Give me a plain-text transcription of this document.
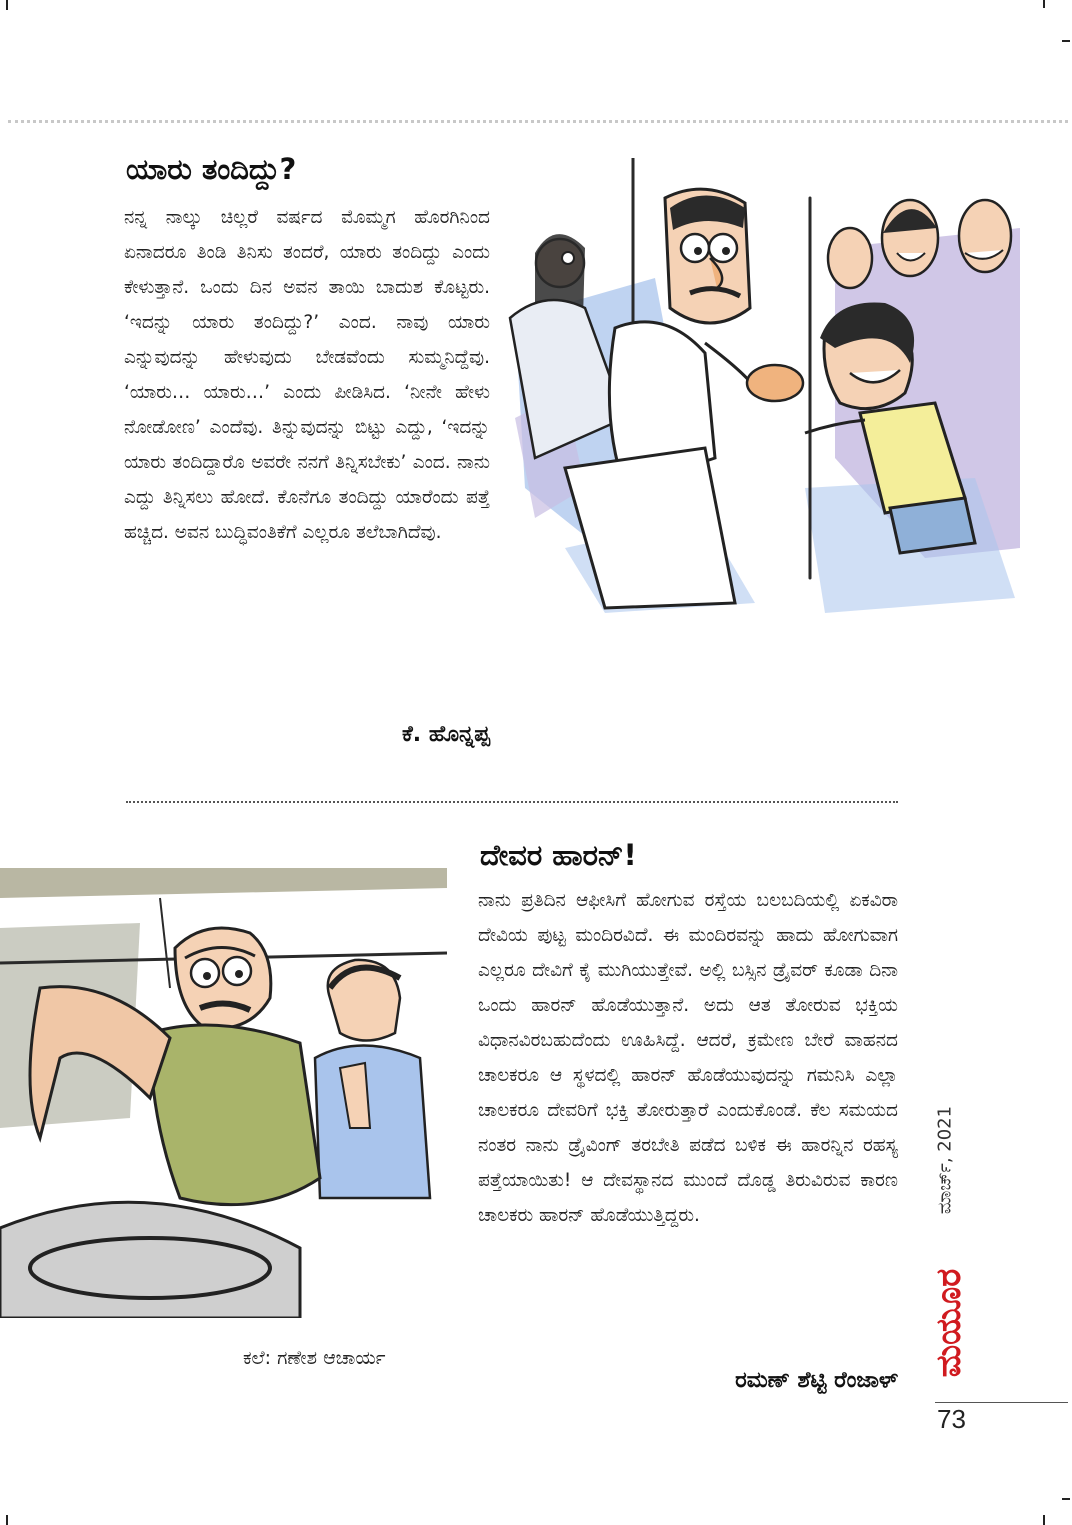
ಯಾರು ತಂದಿದ್ದು?
ನನ್ನ ನಾಲ್ಕು ಚಿಲ್ಲರೆ ವರ್ಷದ ಮೊಮ್ಮಗ ಹೊರಗಿನಿಂದ ಏನಾದರೂ ತಿಂಡಿ ತಿನಿಸು ತಂದರೆ, ಯಾರು ತಂದಿದ್ದು ಎಂದು ಕೇಳುತ್ತಾನೆ. ಒಂದು ದಿನ ಅವನ ತಾಯಿ ಬಾದುಶ ಕೊಟ್ಟರು. ‘ಇದನ್ನು ಯಾರು ತಂದಿದ್ದು?’ ಎಂದ. ನಾವು ಯಾರು ಎನ್ನುವುದನ್ನು ಹೇಳುವುದು ಬೇಡವೆಂದು ಸುಮ್ಮನಿದ್ದೆವು. ‘ಯಾರು… ಯಾರು…’ ಎಂದು ಪೀಡಿಸಿದ. ‘ನೀನೇ ಹೇಳು ನೋಡೋಣ’ ಎಂದೆವು. ತಿನ್ನುವುದನ್ನು ಬಿಟ್ಟು ಎದ್ದು, ‘ಇದನ್ನು ಯಾರು ತಂದಿದ್ದಾರೊ ಅವರೇ ನನಗೆ ತಿನ್ನಿಸಬೇಕು’ ಎಂದ. ನಾನು ಎದ್ದು ತಿನ್ನಿಸಲು ಹೋದೆ. ಕೊನೆಗೂ ತಂದಿದ್ದು ಯಾರೆಂದು ಪತ್ತೆ ಹಚ್ಚಿದ. ಅವನ ಬುದ್ಧಿವಂತಿಕೆಗೆ ಎಲ್ಲರೂ ತಲೆಬಾಗಿದೆವು.
ಕೆ. ಹೊನ್ನಪ್ಪ
ಕಲೆ: ಗಣೇಶ ಆಚಾರ್ಯ
ದೇವರ ಹಾರನ್!
ನಾನು ಪ್ರತಿದಿನ ಆಫೀಸಿಗೆ ಹೋಗುವ ರಸ್ತೆಯ ಬಲಬದಿಯಲ್ಲಿ ಏಕವಿರಾ ದೇವಿಯ ಪುಟ್ಟ ಮಂದಿರವಿದೆ. ಈ ಮಂದಿರವನ್ನು ಹಾದು ಹೋಗುವಾಗ ಎಲ್ಲರೂ ದೇವಿಗೆ ಕೈ ಮುಗಿಯುತ್ತೇವೆ. ಅಲ್ಲಿ ಬಸ್ಸಿನ ಡ್ರೈವರ್ ಕೂಡಾ ದಿನಾ ಒಂದು ಹಾರನ್ ಹೊಡೆಯುತ್ತಾನೆ. ಅದು ಆತ ತೋರುವ ಭಕ್ತಿಯ ವಿಧಾನವಿರಬಹುದೆಂದು ಊಹಿಸಿದ್ದೆ. ಆದರೆ, ಕ್ರಮೇಣ ಬೇರೆ ವಾಹನದ ಚಾಲಕರೂ ಆ ಸ್ಥಳದಲ್ಲಿ ಹಾರನ್ ಹೊಡೆಯುವುದನ್ನು ಗಮನಿಸಿ ಎಲ್ಲಾ ಚಾಲಕರೂ ದೇವರಿಗೆ ಭಕ್ತಿ ತೋರುತ್ತಾರೆ ಎಂದುಕೊಂಡೆ. ಕೆಲ ಸಮಯದ ನಂತರ ನಾನು ಡ್ರೈವಿಂಗ್ ತರಬೇತಿ ಪಡೆದ ಬಳಿಕ ಈ ಹಾರನ್ನಿನ ರಹಸ್ಯ ಪತ್ತೆಯಾಯಿತು! ಆ ದೇವಸ್ಥಾನದ ಮುಂದೆ ದೊಡ್ಡ ತಿರುವಿರುವ ಕಾರಣ ಚಾಲಕರು ಹಾರನ್ ಹೊಡೆಯುತ್ತಿದ್ದರು.
ರಮಣ್ ಶೆಟ್ಟಿ ರೆಂಜಾಳ್
ಮಾರ್ಚ್, 2021
ಮಯೂರ
73
